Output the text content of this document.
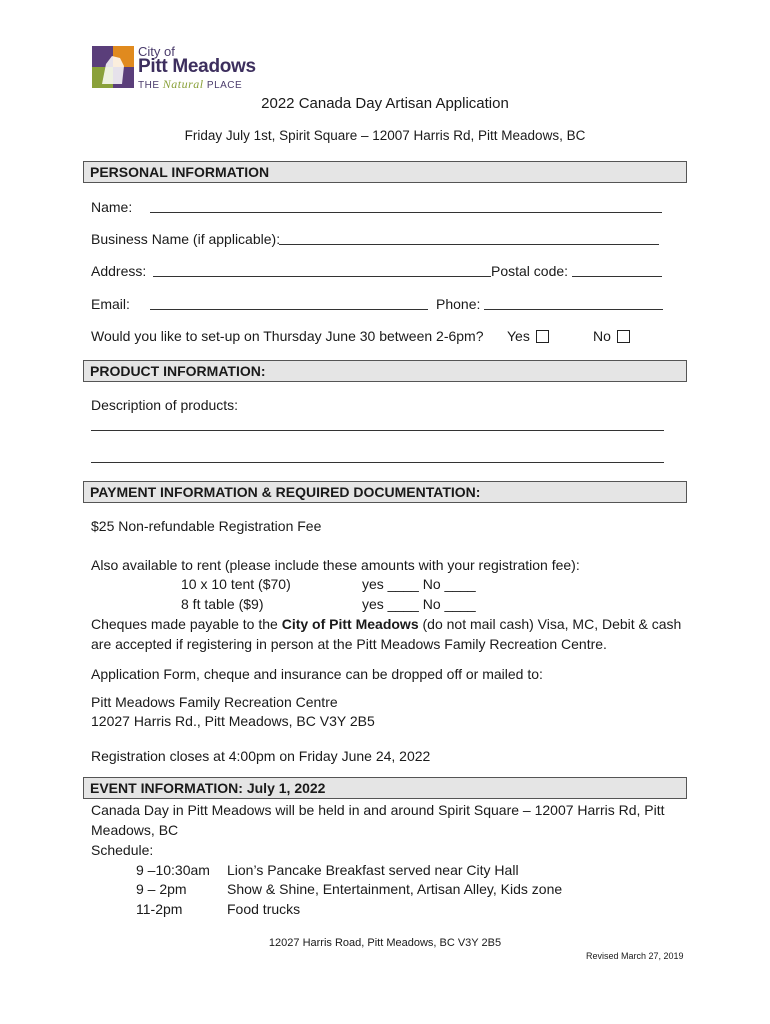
City of
Pitt Meadows
THE Natural PLACE
2022 Canada Day Artisan Application
Friday July 1st, Spirit Square – 12007 Harris Rd, Pitt Meadows, BC
PERSONAL INFORMATION
Name:
Business Name (if applicable):
Address:	Postal code:
Email:	Phone:
Would you like to set-up on Thursday June 30 between 2-6pm? Yes	No
PRODUCT INFORMATION:
Description of products:
PAYMENT INFORMATION & REQUIRED DOCUMENTATION:
$25 Non-refundable Registration Fee
Also available to rent (please include these amounts with your registration fee):
10 x 10 tent ($70)	yes ____ No ____
8 ft table ($9)	yes ____ No ____
Cheques made payable to the City of Pitt Meadows (do not mail cash) Visa, MC, Debit & cash
are accepted if registering in person at the Pitt Meadows Family Recreation Centre.
Application Form, cheque and insurance can be dropped off or mailed to:
Pitt Meadows Family Recreation Centre
12027 Harris Rd., Pitt Meadows, BC V3Y 2B5
Registration closes at 4:00pm on Friday June 24, 2022
EVENT INFORMATION: July 1, 2022
Canada Day in Pitt Meadows will be held in and around Spirit Square – 12007 Harris Rd, Pitt
Meadows, BC
Schedule:
9 –10:30am Lion’s Pancake Breakfast served near City Hall
9 – 2pm	Show & Shine, Entertainment, Artisan Alley, Kids zone
11-2pm	Food trucks
12027 Harris Road, Pitt Meadows, BC V3Y 2B5
Revised March 27, 2019
